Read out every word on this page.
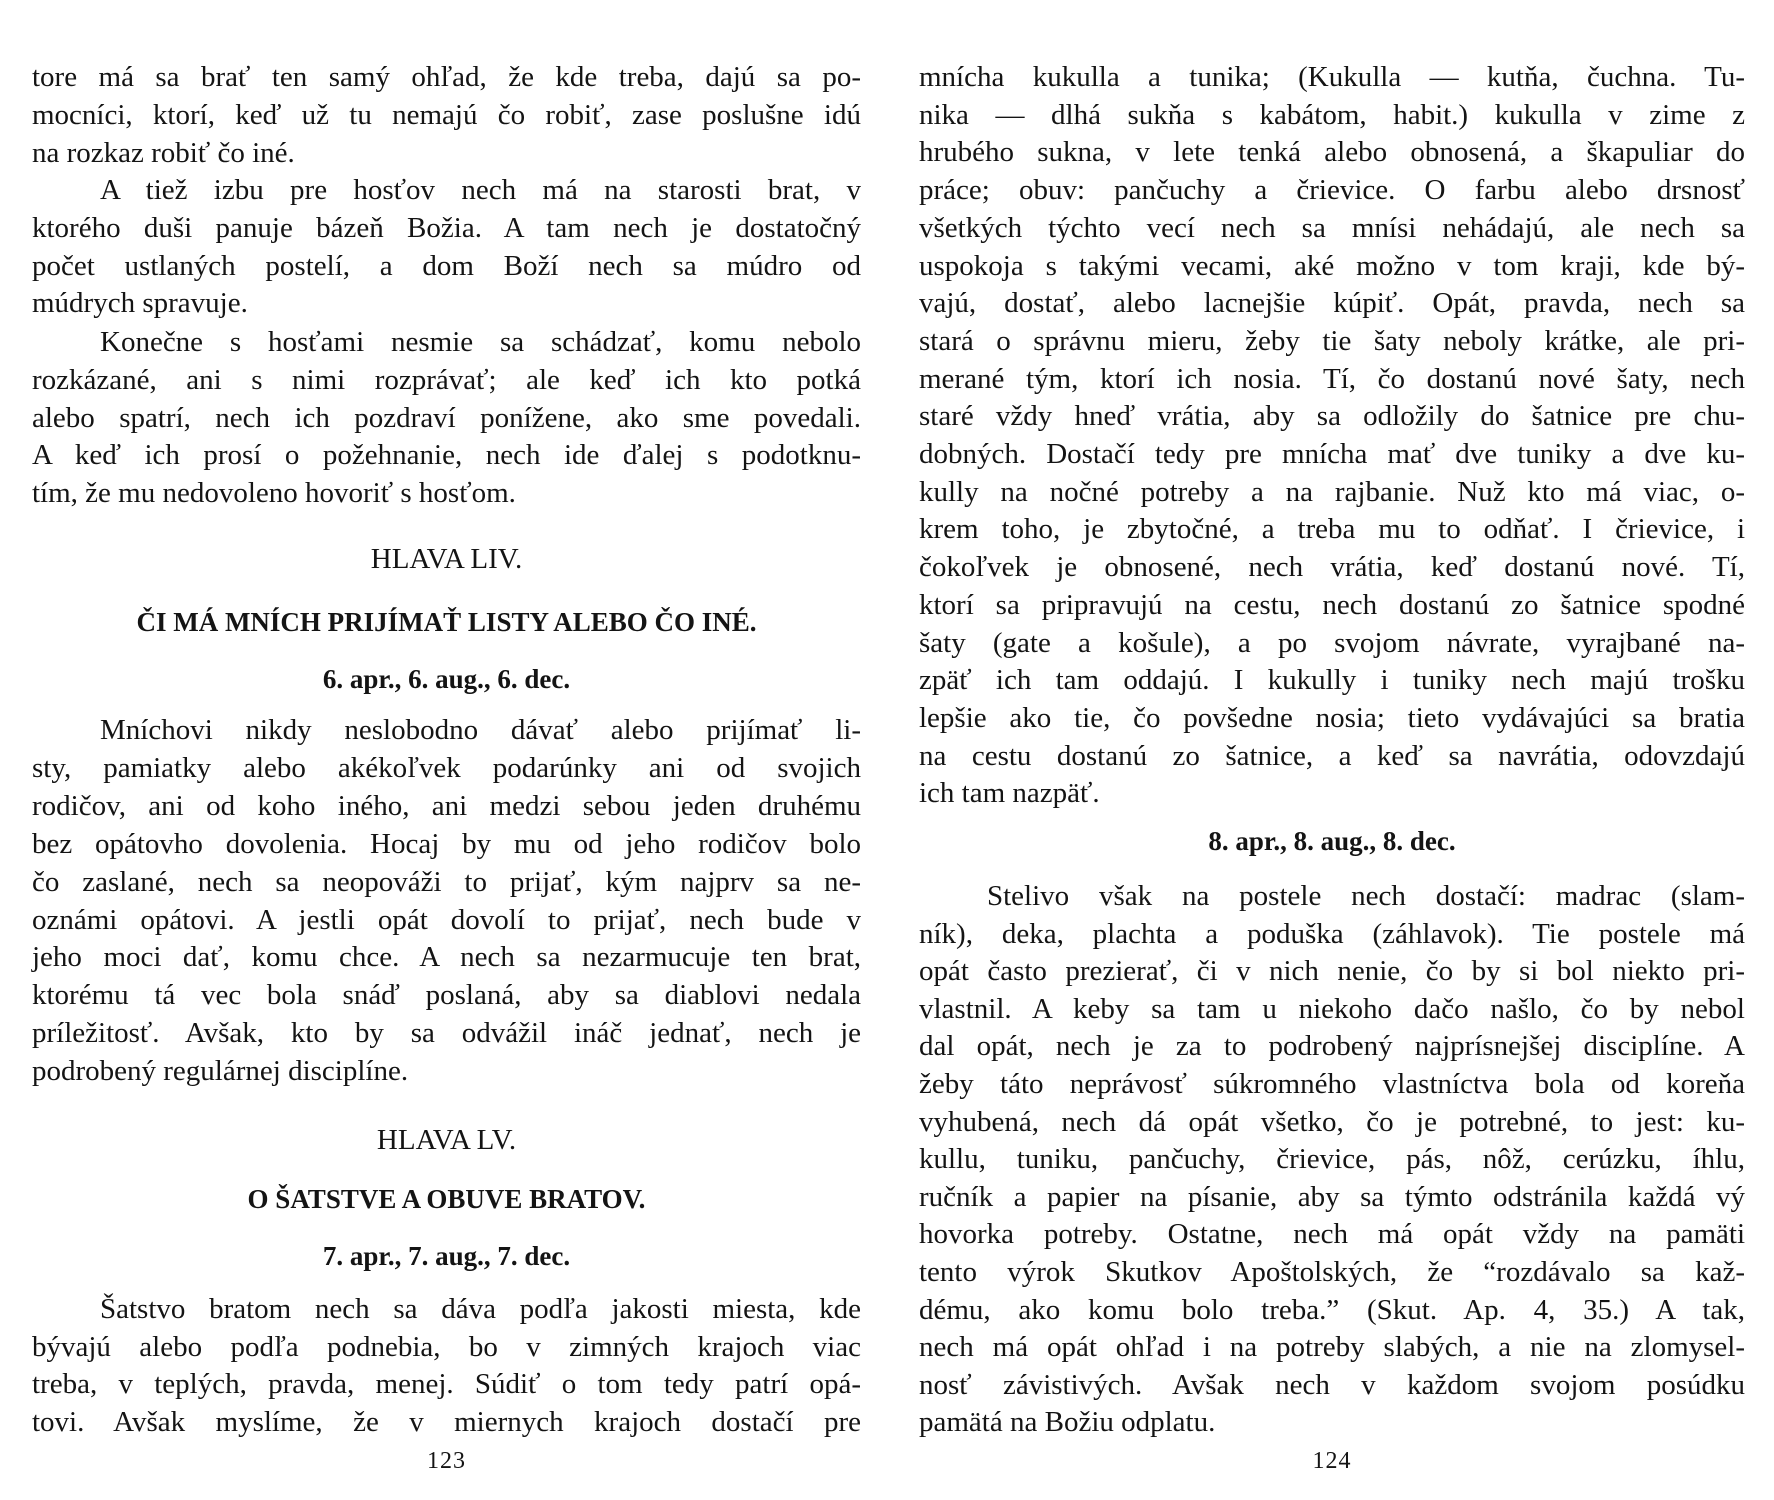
tore má sa brať ten samý ohľad, že kde treba, dajú sa po-
mocníci, ktorí, keď už tu nemajú čo robiť, zase poslušne idú
na rozkaz robiť čo iné.
A tiež izbu pre hosťov nech má na starosti brat, v
ktorého duši panuje bázeň Božia. A tam nech je dostatočný
počet ustlaných postelí, a dom Boží nech sa múdro od
múdrych spravuje.
Konečne s hosťami nesmie sa schádzať, komu nebolo
rozkázané, ani s nimi rozprávať; ale keď ich kto potká
alebo spatrí, nech ich pozdraví ponížene, ako sme povedali.
A keď ich prosí o požehnanie, nech ide ďalej s podotknu-
tím, že mu nedovoleno hovoriť s hosťom.
HLAVA LIV.
ČI MÁ MNÍCH PRIJÍMAŤ LISTY ALEBO ČO INÉ.
6. apr., 6. aug., 6. dec.
Mníchovi nikdy neslobodno dávať alebo prijímať li-
sty, pamiatky alebo akékoľvek podarúnky ani od svojich
rodičov, ani od koho iného, ani medzi sebou jeden druhému
bez opátovho dovolenia. Hocaj by mu od jeho rodičov bolo
čo zaslané, nech sa neopováži to prijať, kým najprv sa ne-
oznámi opátovi. A jestli opát dovolí to prijať, nech bude v
jeho moci dať, komu chce. A nech sa nezarmucuje ten brat,
ktorému tá vec bola snáď poslaná, aby sa diablovi nedala
príležitosť. Avšak, kto by sa odvážil ináč jednať, nech je
podrobený regulárnej disciplíne.
HLAVA LV.
O ŠATSTVE A OBUVE BRATOV.
7. apr., 7. aug., 7. dec.
Šatstvo bratom nech sa dáva podľa jakosti miesta, kde
bývajú alebo podľa podnebia, bo v zimných krajoch viac
treba, v teplých, pravda, menej. Súdiť o tom tedy patrí opá-
tovi. Avšak myslíme, že v miernych krajoch dostačí pre
123
mnícha kukulla a tunika; (Kukulla — kutňa, čuchna. Tu-
nika — dlhá sukňa s kabátom, habit.) kukulla v zime z
hrubého sukna, v lete tenká alebo obnosená, a škapuliar do
práce; obuv: pančuchy a črievice. O farbu alebo drsnosť
všetkých týchto vecí nech sa mnísi nehádajú, ale nech sa
uspokoja s takými vecami, aké možno v tom kraji, kde bý-
vajú, dostať, alebo lacnejšie kúpiť. Opát, pravda, nech sa
stará o správnu mieru, žeby tie šaty neboly krátke, ale pri-
merané tým, ktorí ich nosia. Tí, čo dostanú nové šaty, nech
staré vždy hneď vrátia, aby sa odložily do šatnice pre chu-
dobných. Dostačí tedy pre mnícha mať dve tuniky a dve ku-
kully na nočné potreby a na rajbanie. Nuž kto má viac, o-
krem toho, je zbytočné, a treba mu to odňať. I črievice, i
čokoľvek je obnosené, nech vrátia, keď dostanú nové. Tí,
ktorí sa pripravujú na cestu, nech dostanú zo šatnice spodné
šaty (gate a košule), a po svojom návrate, vyrajbané na-
zpäť ich tam oddajú. I kukully i tuniky nech majú trošku
lepšie ako tie, čo povšedne nosia; tieto vydávajúci sa bratia
na cestu dostanú zo šatnice, a keď sa navrátia, odovzdajú
ich tam nazpäť.
8. apr., 8. aug., 8. dec.
Stelivo však na postele nech dostačí: madrac (slam-
ník), deka, plachta a poduška (záhlavok). Tie postele má
opát často prezierať, či v nich nenie, čo by si bol niekto pri-
vlastnil. A keby sa tam u niekoho dačo našlo, čo by nebol
dal opát, nech je za to podrobený najprísnejšej disciplíne. A
žeby táto neprávosť súkromného vlastníctva bola od koreňa
vyhubená, nech dá opát všetko, čo je potrebné, to jest: ku-
kullu, tuniku, pančuchy, črievice, pás, nôž, cerúzku, íhlu,
ručník a papier na písanie, aby sa týmto odstránila každá vý
hovorka potreby. Ostatne, nech má opát vždy na pamäti
tento výrok Skutkov Apoštolských, že “rozdávalo sa kaž-
dému, ako komu bolo treba.” (Skut. Ap. 4, 35.) A tak,
nech má opát ohľad i na potreby slabých, a nie na zlomysel-
nosť závistivých. Avšak nech v každom svojom posúdku
pamätá na Božiu odplatu.
124
